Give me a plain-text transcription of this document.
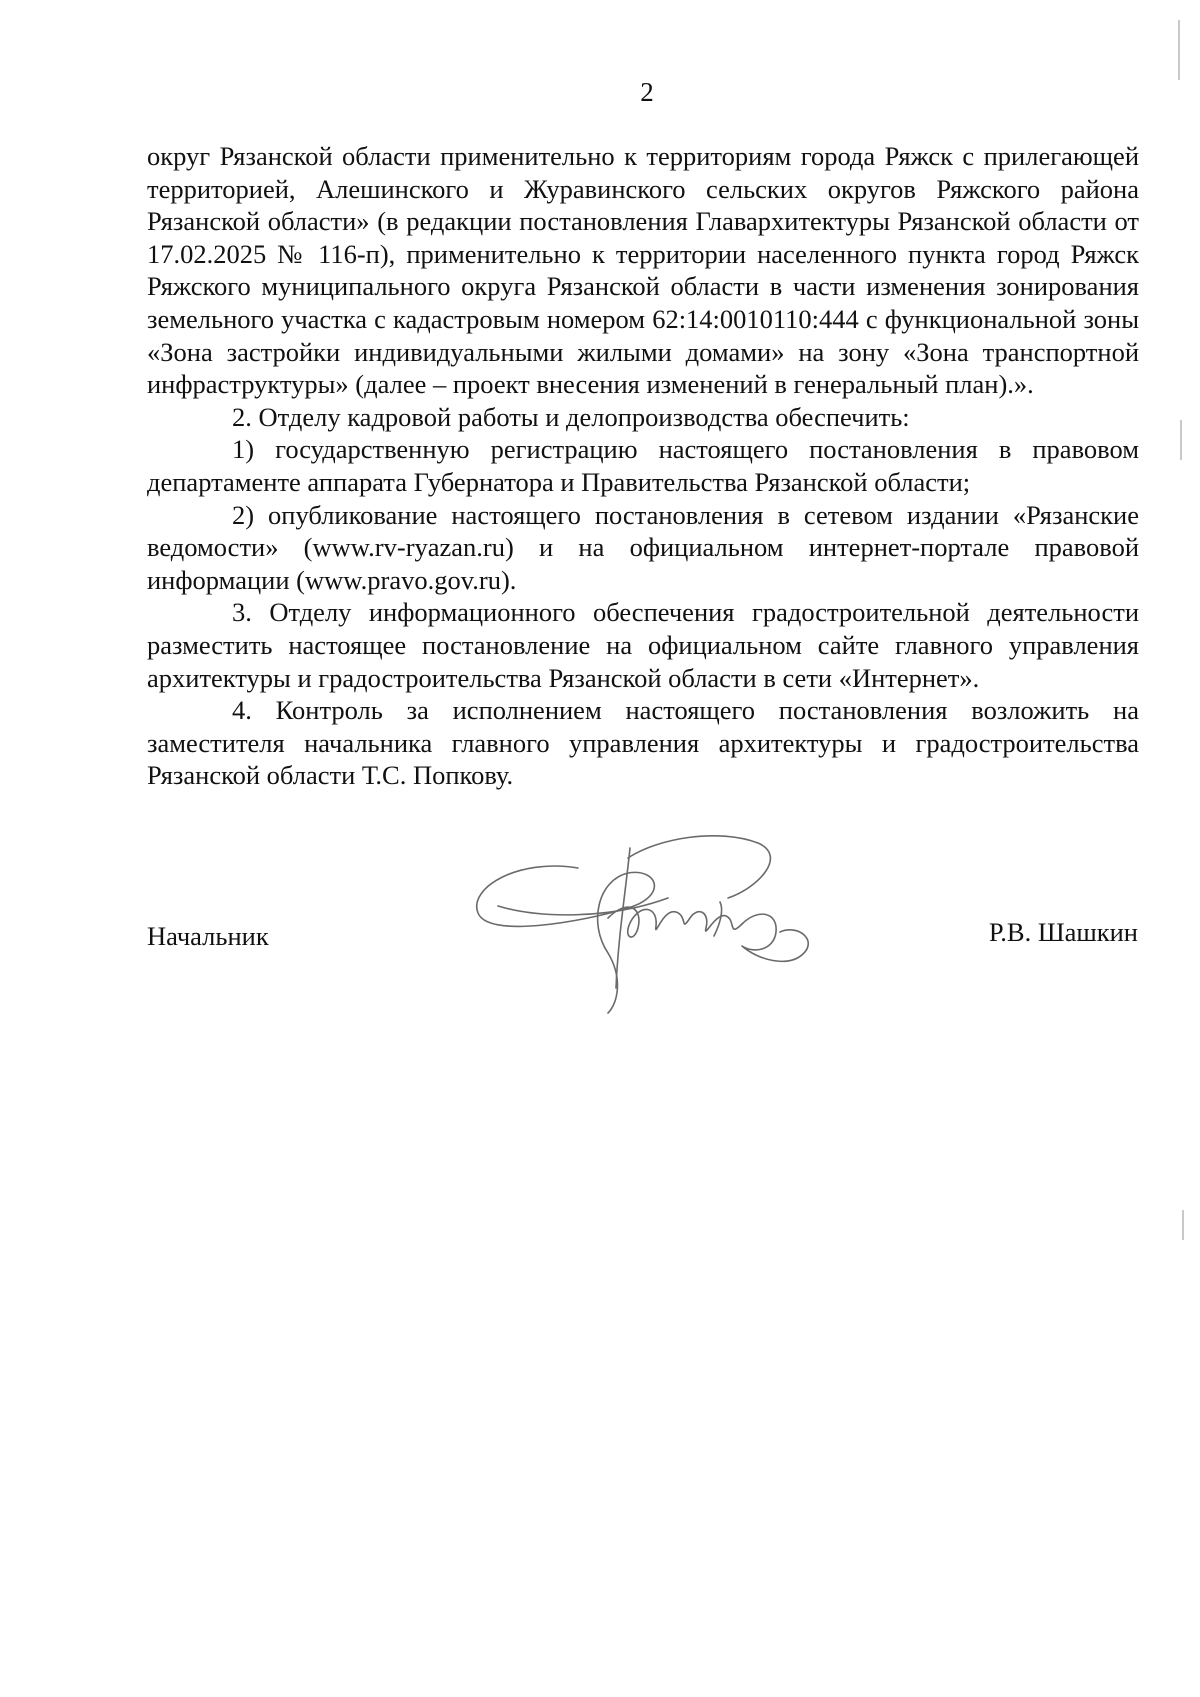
2

округ Рязанской области применительно к территориям города Ряжск с прилегающей территорией, Алешинского и Журавинского сельских округов Ряжского района Рязанской области» (в редакции постановления Главархитектуры Рязанской области от 17.02.2025 № 116-п), применительно к территории населенного пункта город Ряжск Ряжского муниципального округа Рязанской области в части изменения зонирования земельного участка с кадастровым номером 62:14:0010110:444 с функциональной зоны «Зона застройки индивидуальными жилыми домами» на зону «Зона транспортной инфраструктуры» (далее – проект внесения изменений в генеральный план).».

2. Отделу кадровой работы и делопроизводства обеспечить:

1) государственную регистрацию настоящего постановления в правовом департаменте аппарата Губернатора и Правительства Рязанской области;

2) опубликование настоящего постановления в сетевом издании «Рязанские ведомости» (www.rv-ryazan.ru) и на официальном интернет-портале правовой информации (www.pravo.gov.ru).

3. Отделу информационного обеспечения градостроительной деятельности разместить настоящее постановление на официальном сайте главного управления архитектуры и градостроительства Рязанской области в сети «Интернет».

4. Контроль за исполнением настоящего постановления возложить на заместителя начальника главного управления архитектуры и градостроительства Рязанской области Т.С. Попкову.

Начальник	Р.В. Шашкин
